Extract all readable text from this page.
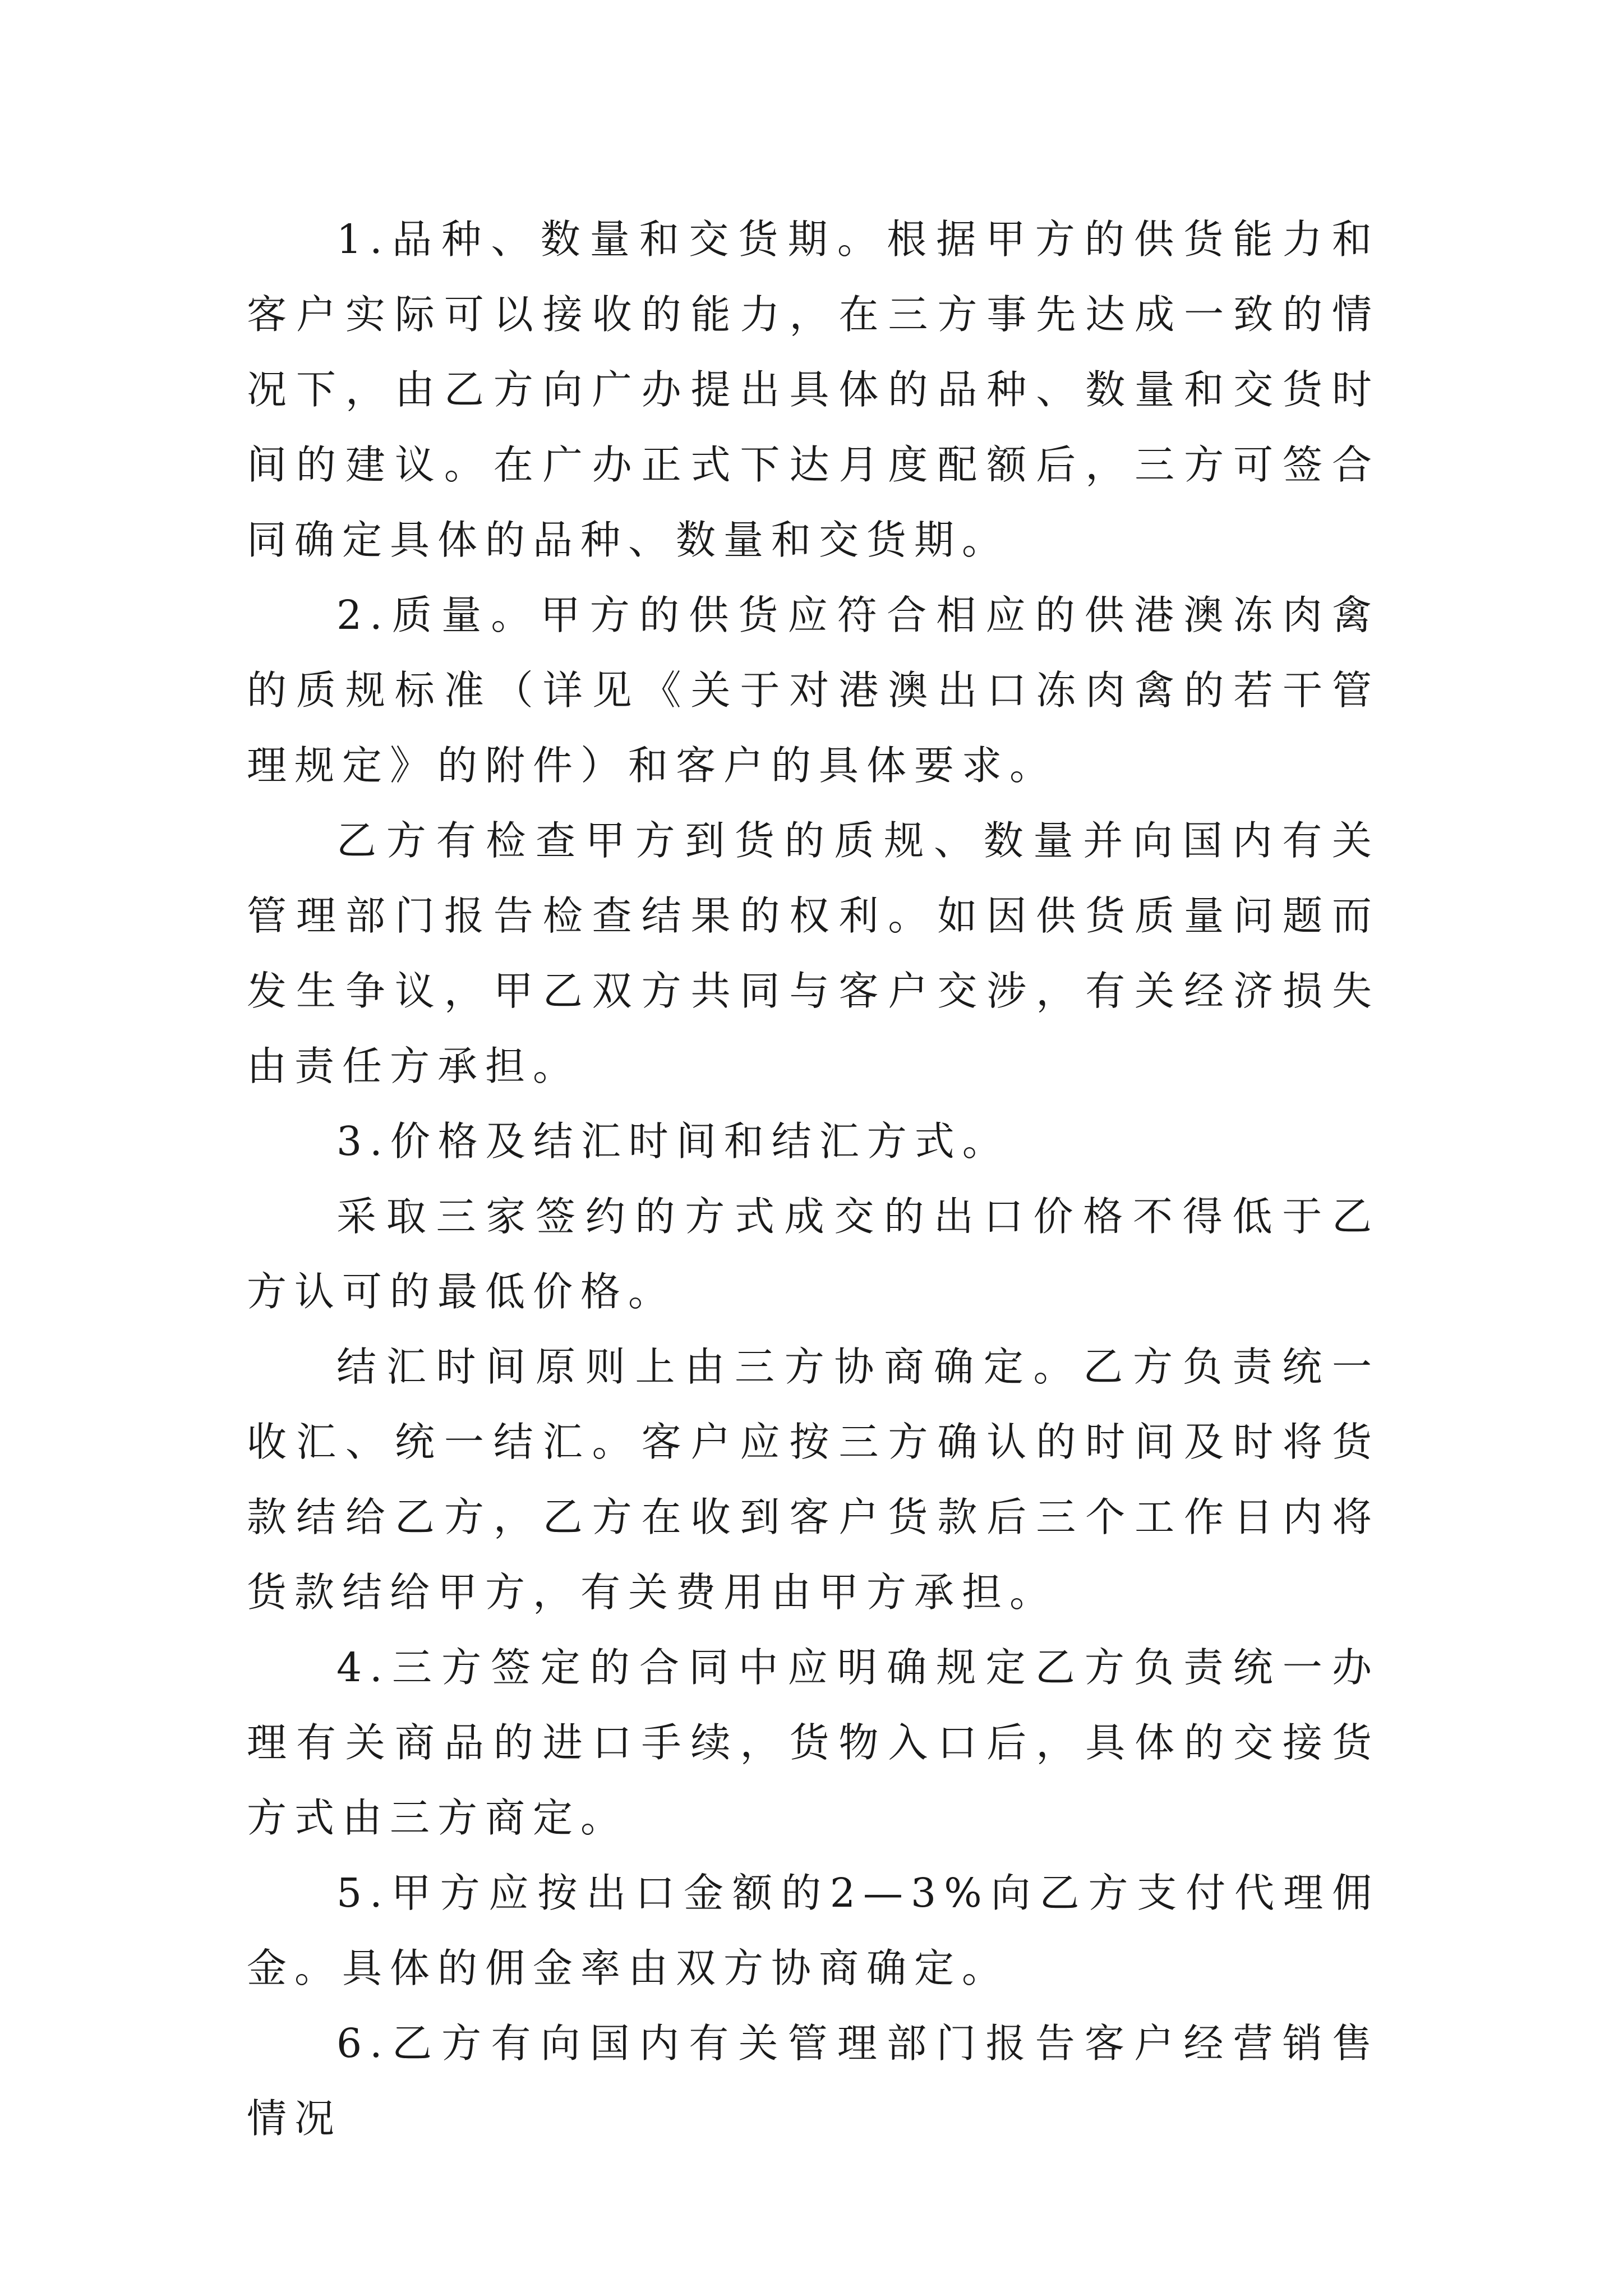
1.品种、数量和交货期。根据甲方的供货能力和客户实际可以接收的能力，在三方事先达成一致的情况下，由乙方向广办提出具体的品种、数量和交货时间的建议。在广办正式下达月度配额后，三方可签合同确定具体的品种、数量和交货期。

2.质量。甲方的供货应符合相应的供港澳冻肉禽的质规标准（详见《关于对港澳出口冻肉禽的若干管理规定》的附件）和客户的具体要求。

乙方有检查甲方到货的质规、数量并向国内有关管理部门报告检查结果的权利。如因供货质量问题而发生争议，甲乙双方共同与客户交涉，有关经济损失由责任方承担。

3.价格及结汇时间和结汇方式。

采取三家签约的方式成交的出口价格不得低于乙方认可的最低价格。

结汇时间原则上由三方协商确定。乙方负责统一收汇、统一结汇。客户应按三方确认的时间及时将货款结给乙方，乙方在收到客户货款后三个工作日内将货款结给甲方，有关费用由甲方承担。

4.三方签定的合同中应明确规定乙方负责统一办理有关商品的进口手续，货物入口后，具体的交接货方式由三方商定。

5.甲方应按出口金额的2—3%向乙方支付代理佣金。具体的佣金率由双方协商确定。

6.乙方有向国内有关管理部门报告客户经营销售情况
